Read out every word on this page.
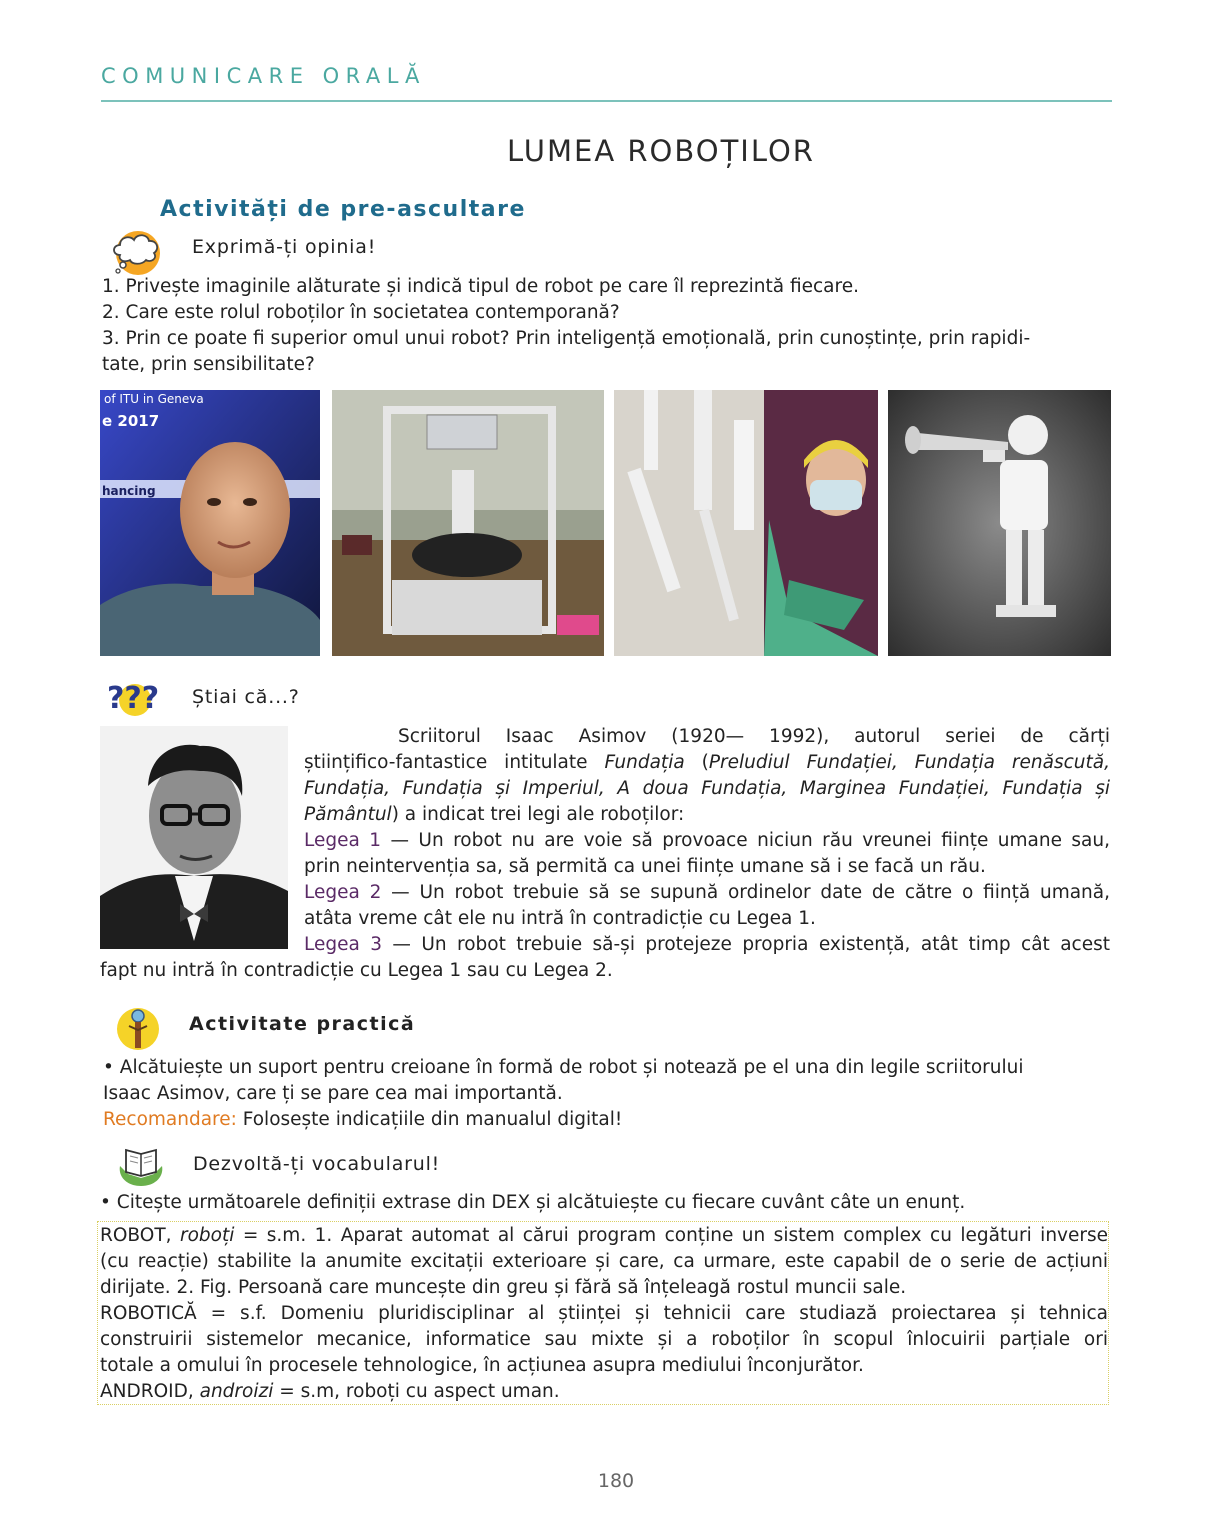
COMUNICARE ORALĂ
LUMEA ROBOȚILOR
Activități de pre-ascultare
Exprimă-ți opinia!
1. Privește imaginile alăturate și indică tipul de robot pe care îl reprezintă fiecare.
2. Care este rolul roboților în societatea contemporană?
3. Prin ce poate fi superior omul unui robot? Prin inteligență emoțională, prin cunoștințe, prin rapidi-
tate, prin sensibilitate?
of ITU in Geneva
e 2017
hancing
??? Știai că...?
Scriitorul Isaac Asimov (1920— 1992), autorul seriei de cărți
științifico-fantastice intitulate Fundația (Preludiul Fundației, Fundația renăscută,
Fundația, Fundația și Imperiul, A doua Fundația, Marginea Fundației, Fundația și
Pământul) a indicat trei legi ale roboților:
Legea 1 — Un robot nu are voie să provoace niciun rău vreunei ființe umane sau,
prin neintervenția sa, să permită ca unei ființe umane să i se facă un rău.
Legea 2 — Un robot trebuie să se supună ordinelor date de către o ființă umană,
atâta vreme cât ele nu intră în contradicție cu Legea 1.
Legea 3 — Un robot trebuie să-și protejeze propria existență, atât timp cât acest
fapt nu intră în contradicție cu Legea 1 sau cu Legea 2.
Activitate practică
• Alcătuiește un suport pentru creioane în formă de robot și notează pe el una din legile scriitorului
Isaac Asimov, care ți se pare cea mai importantă.
Recomandare: Folosește indicațiile din manualul digital!
Dezvoltă-ți vocabularul!
• Citește următoarele definiții extrase din DEX și alcătuiește cu fiecare cuvânt câte un enunț.
ROBOT, roboți = s.m. 1. Aparat automat al cărui program conține un sistem complex cu legături inverse
(cu reacție) stabilite la anumite excitații exterioare și care, ca urmare, este capabil de o serie de acțiuni
dirijate. 2. Fig. Persoană care muncește din greu și fără să înțeleagă rostul muncii sale.
ROBOTICĂ = s.f. Domeniu pluridisciplinar al științei și tehnicii care studiază proiectarea și tehnica
construirii sistemelor mecanice, informatice sau mixte și a roboților în scopul înlocuirii parțiale ori
totale a omului în procesele tehnologice, în acțiunea asupra mediului înconjurător.
ANDROID, androizi = s.m, roboți cu aspect uman.
180
